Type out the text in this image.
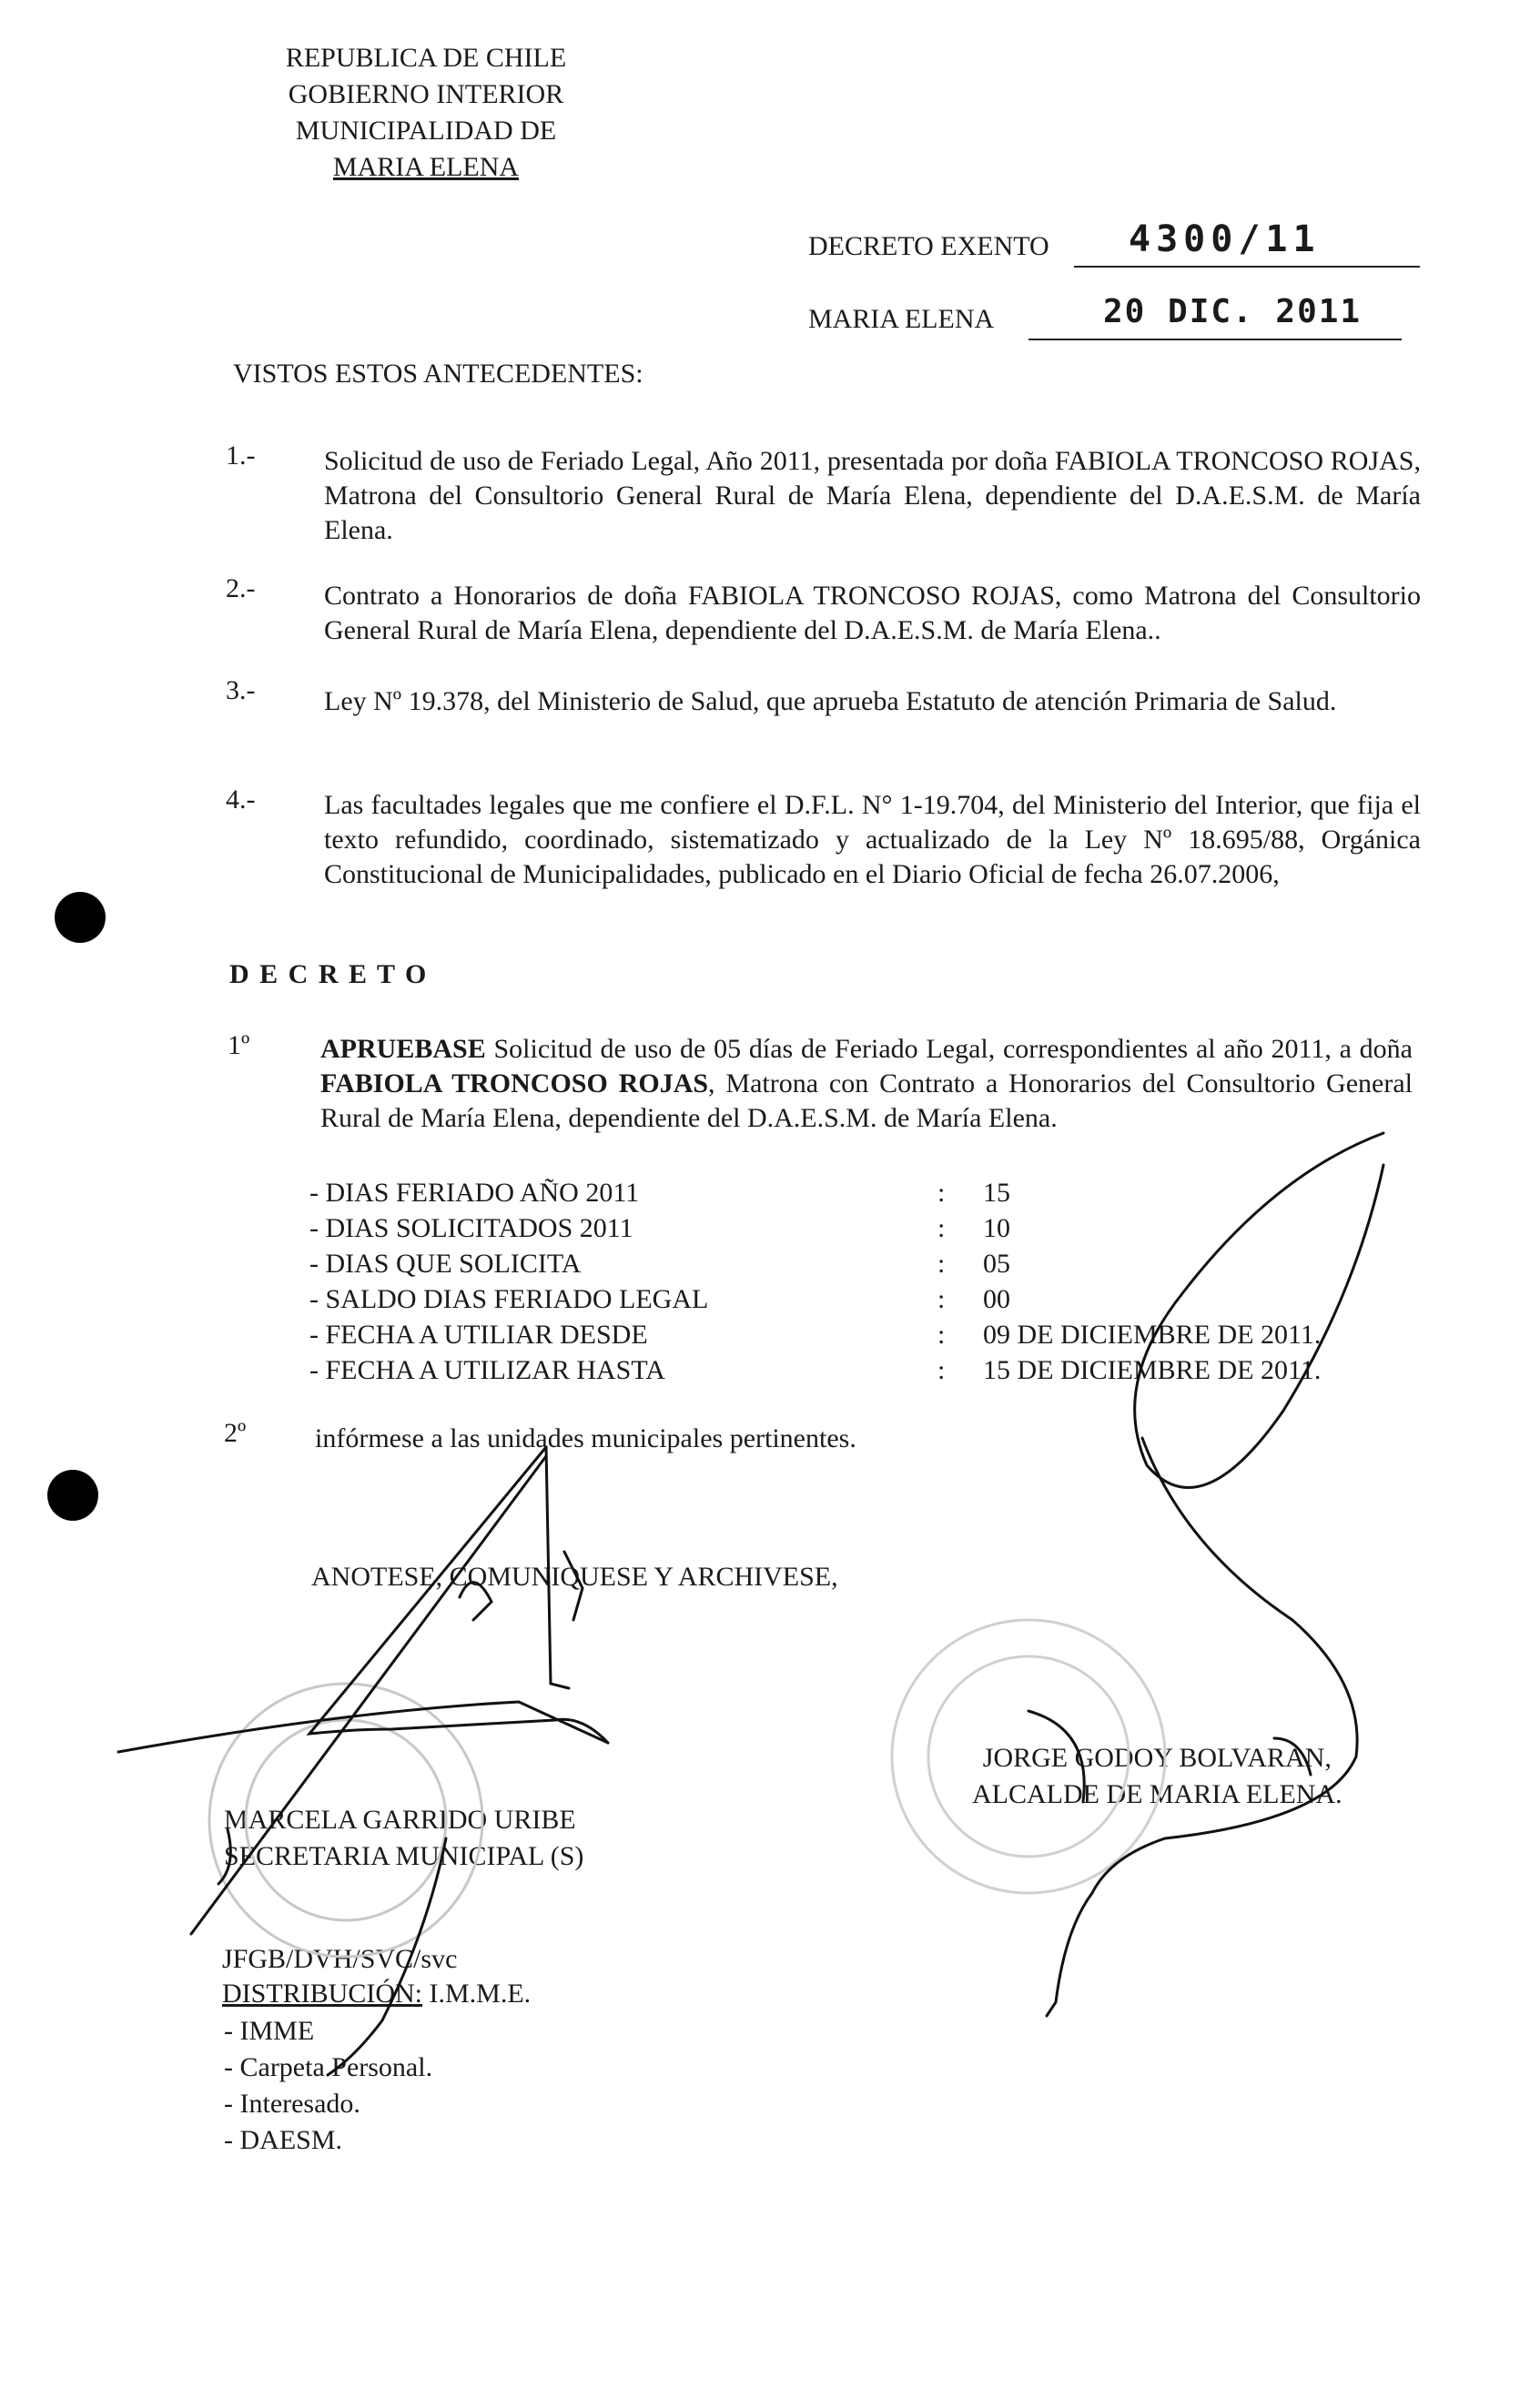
REPUBLICA DE CHILE
GOBIERNO INTERIOR
MUNICIPALIDAD DE
MARIA ELENA
DECRETO EXENTO 4300/11
MARIA ELENA	20 DIC. 2011
VISTOS ESTOS ANTECEDENTES:
1.-	Solicitud de uso de Feriado Legal, Año 2011, presentada por doña FABIOLA TRONCOSO ROJAS, Matrona del Consultorio General Rural de María Elena, dependiente del D.A.E.S.M. de María Elena.
2.-	Contrato a Honorarios de doña FABIOLA TRONCOSO ROJAS, como Matrona del Consultorio General Rural de María Elena, dependiente del D.A.E.S.M. de María Elena..
3.-	Ley Nº 19.378, del Ministerio de Salud, que aprueba Estatuto de atención Primaria de Salud.
4.-	Las facultades legales que me confiere el D.F.L. N° 1-19.704, del Ministerio del Interior, que fija el texto refundido, coordinado, sistematizado y actualizado de la Ley Nº 18.695/88, Orgánica Constitucional de Municipalidades, publicado en el Diario Oficial de fecha 26.07.2006,
D E C R E T O
1º	APRUEBASE Solicitud de uso de 05 días de Feriado Legal, correspondientes al año 2011, a doña FABIOLA TRONCOSO ROJAS, Matrona con Contrato a Honorarios del Consultorio General Rural de María Elena, dependiente del D.A.E.S.M. de María Elena.
- DIAS FERIADO AÑO 2011	: 15
- DIAS SOLICITADOS 2011	: 10
- DIAS QUE SOLICITA	: 05
- SALDO DIAS FERIADO LEGAL	: 00
- FECHA A UTILIAR DESDE	: 09 DE DICIEMBRE DE 2011.
- FECHA A UTILIZAR HASTA	: 15 DE DICIEMBRE DE 2011.
2º	infórmese a las unidades municipales pertinentes.
ANOTESE, COMUNIQUESE Y ARCHIVESE,
MARCELA GARRIDO URIBE
SECRETARIA MUNICIPAL (S)
JORGE GODOY BOLVARAN,
ALCALDE DE MARIA ELENA.
JFGB/DVH/SVC/svc
DISTRIBUCIÓN: I.M.M.E.
- IMME
- Carpeta Personal.
- Interesado.
- DAESM.
